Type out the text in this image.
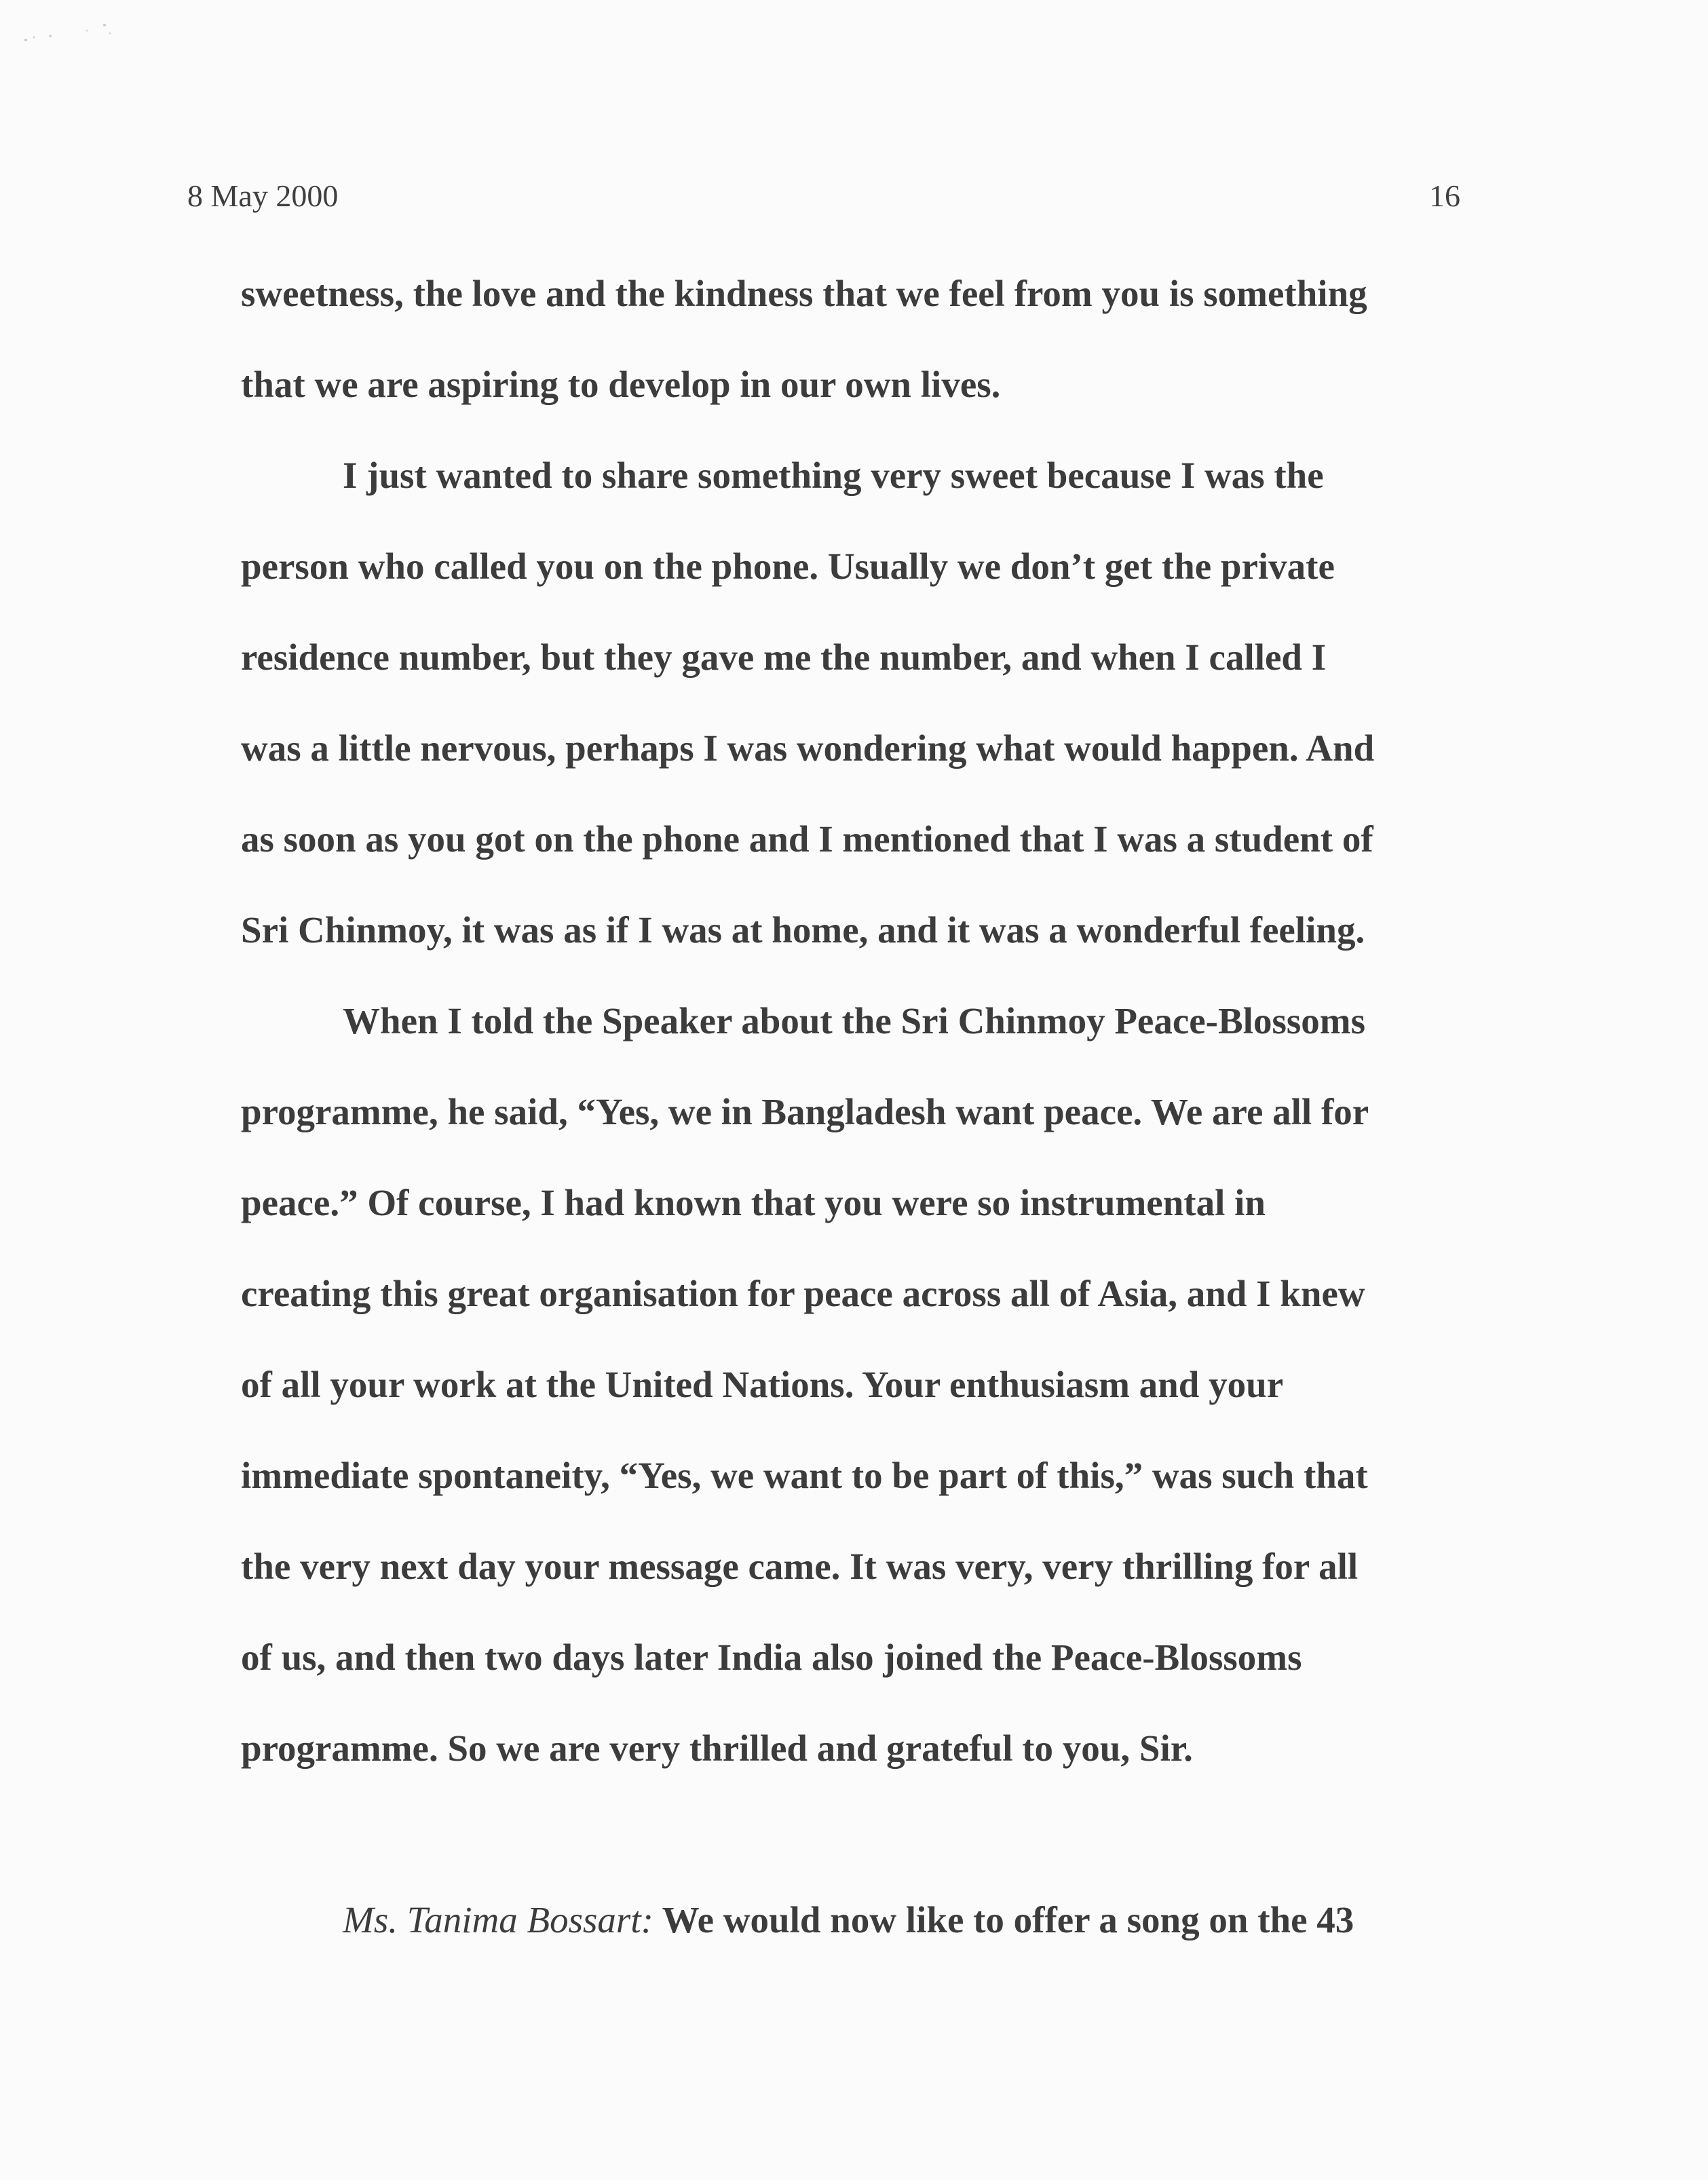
8 May 2000	16
sweetness, the love and the kindness that we feel from you is something
that we are aspiring to develop in our own lives.
I just wanted to share something very sweet because I was the
person who called you on the phone. Usually we don’t get the private
residence number, but they gave me the number, and when I called I
was a little nervous, perhaps I was wondering what would happen. And
as soon as you got on the phone and I mentioned that I was a student of
Sri Chinmoy, it was as if I was at home, and it was a wonderful feeling.
When I told the Speaker about the Sri Chinmoy Peace-Blossoms
programme, he said, “Yes, we in Bangladesh want peace. We are all for
peace.” Of course, I had known that you were so instrumental in
creating this great organisation for peace across all of Asia, and I knew
of all your work at the United Nations. Your enthusiasm and your
immediate spontaneity, “Yes, we want to be part of this,” was such that
the very next day your message came. It was very, very thrilling for all
of us, and then two days later India also joined the Peace-Blossoms
programme. So we are very thrilled and grateful to you, Sir.
Ms. Tanima Bossart: We would now like to offer a song on the 43
